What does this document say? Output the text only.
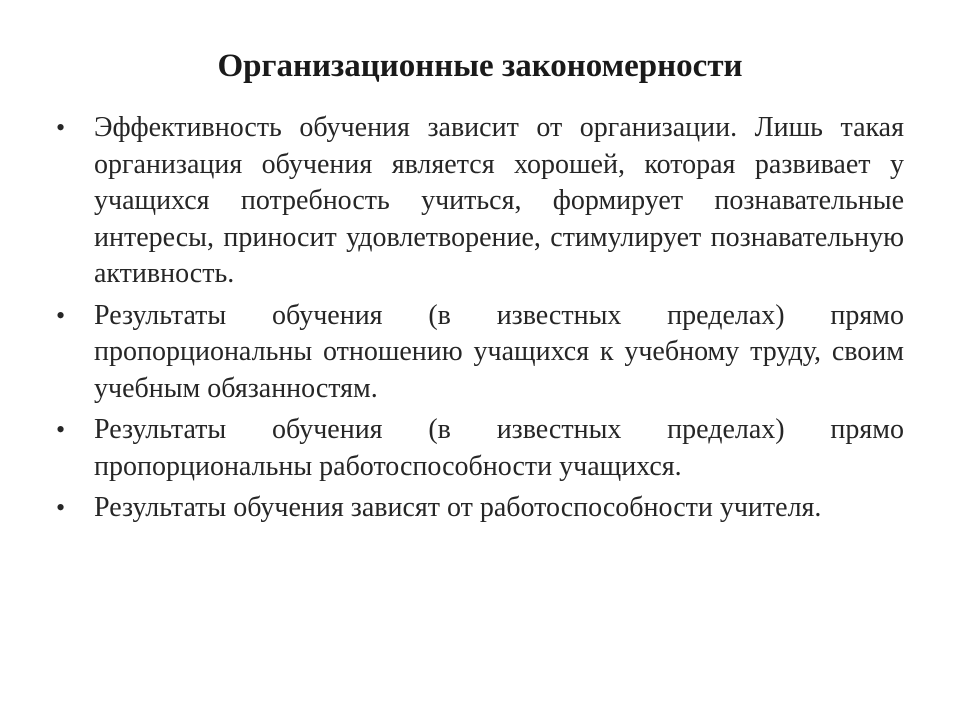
Организационные закономерности
• Эффективность обучения зависит от организации. Лишь такая организация обучения является хорошей, которая развивает у учащихся потребность учиться, формирует познавательные интересы, приносит удовлетворение, стимулирует познавательную активность.
• Результаты обучения (в известных пределах) прямо пропорциональны отношению учащихся к учебному труду, своим учебным обязанностям.
• Результаты обучения (в известных пределах) прямо пропорциональны работоспособности учащихся.
• Результаты обучения зависят от работоспособности учителя.
